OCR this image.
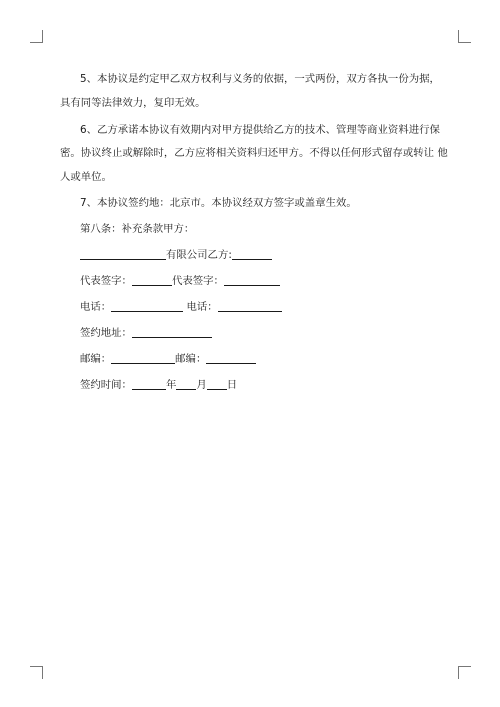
5、本协议是约定甲乙双方权利与义务的依据，一式两份，双方各执一份为据，
具有同等法律效力，复印无效。
6、乙方承诺本协议有效期内对甲方提供给乙方的技术、管理等商业资料进行保
密。协议终止或解除时，乙方应将相关资料归还甲方。不得以任何形式留存或转让 他
人或单位。
7、本协议签约地：北京市。本协议经双方签字或盖章生效。
第八条：补充条款甲方：
有限公司乙方:
代表签字：	代表签字：
电话：	电话：
签约地址：
邮编：	邮编：
签约时间：	年 月 日
